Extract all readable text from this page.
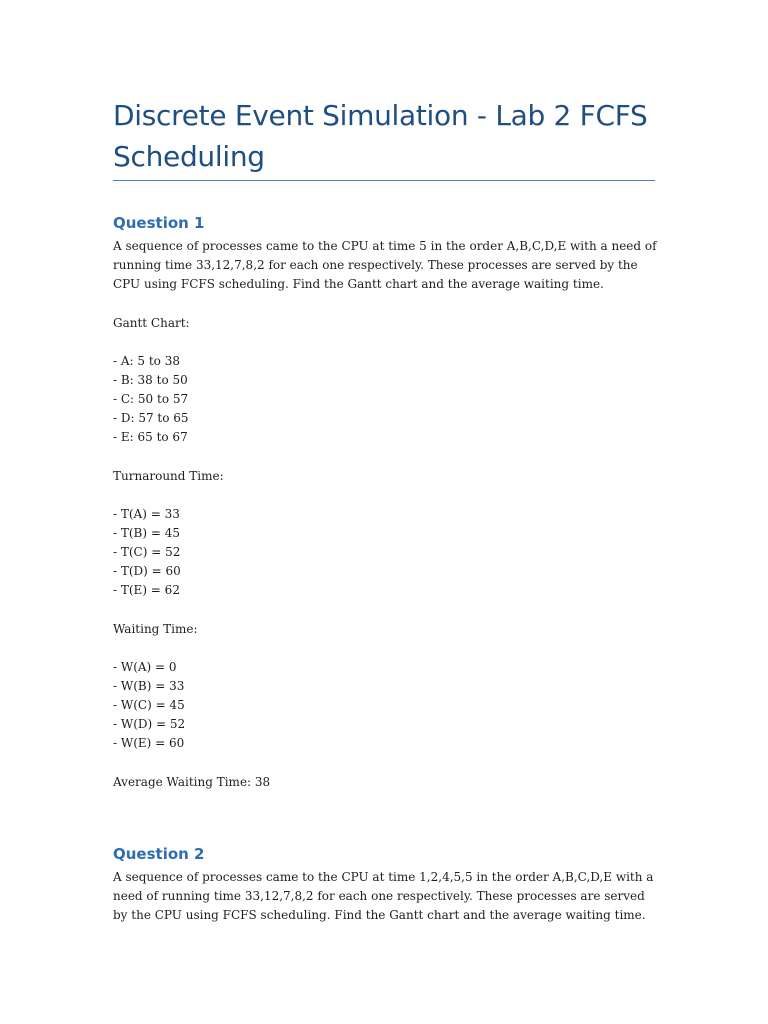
Discrete Event Simulation - Lab 2 FCFS Scheduling
Question 1

A sequence of processes came to the CPU at time 5 in the order A,B,C,D,E with a need of running time 33,12,7,8,2 for each one respectively. These processes are served by the CPU using FCFS scheduling. Find the Gantt chart and the average waiting time.

Gantt Chart:

- A: 5 to 38

- B: 38 to 50

- C: 50 to 57

- D: 57 to 65

- E: 65 to 67

Turnaround Time:

- T(A) = 33

- T(B) = 45

- T(C) = 52

- T(D) = 60

- T(E) = 62

Waiting Time:

- W(A) = 0

- W(B) = 33

- W(C) = 45

- W(D) = 52

- W(E) = 60

Average Waiting Time: 38

Question 2

A sequence of processes came to the CPU at time 1,2,4,5,5 in the order A,B,C,D,E with a need of running time 33,12,7,8,2 for each one respectively. These processes are served by the CPU using FCFS scheduling. Find the Gantt chart and the average waiting time.
